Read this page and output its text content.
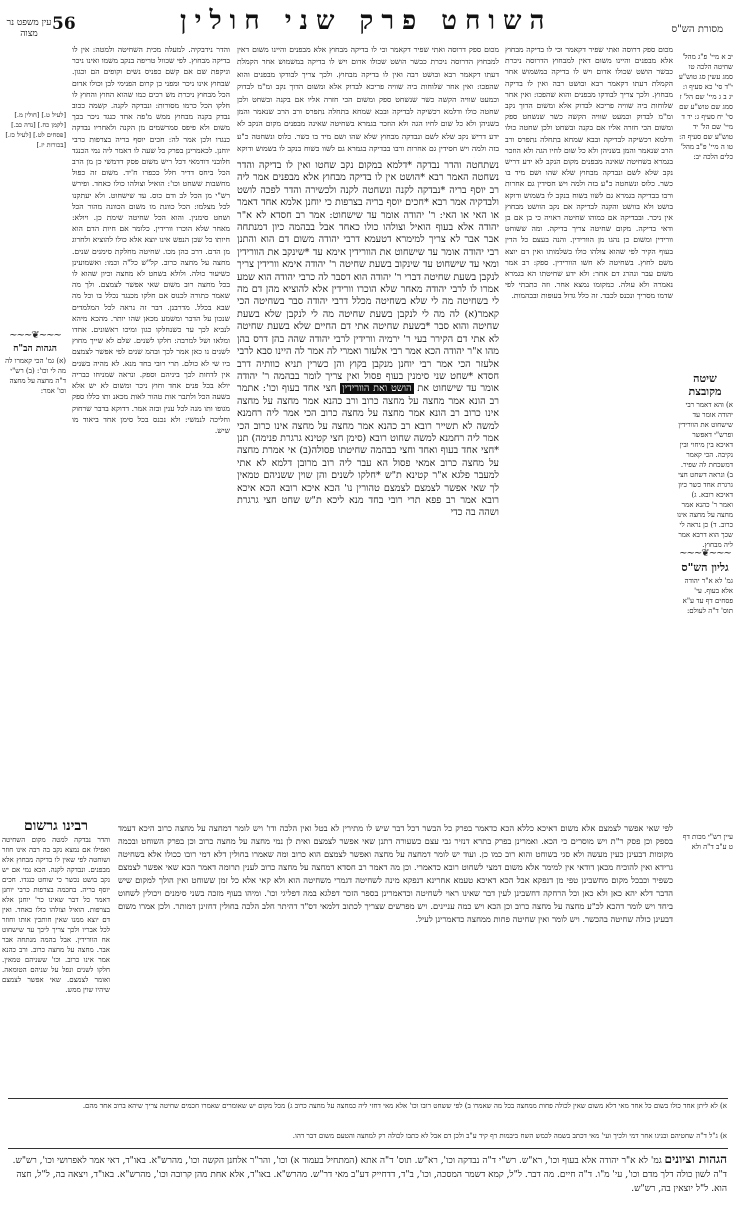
מסורת הש"ס
השוחט פרק שני חולין
56
עין משפט נר מצוה
יב א מיי' פ"ג מהל' שחיטה הלכה טו סמג עשין סג טוש"ע י"ד סי' כא סעיף ו: יג ב ג מיי' שם הל' ז סמג שם טוש"ע שם סי' יח סעיף ג: יד ד מיי' שם הל' יד טוש"ע שם סעיף ה: טו ה מיי' פ"ב מהל' כלים הלכה יב:
שיטה מקובצת
א) והא דאמר רבי יהודה אומר עד שישחוט את הוורידין ופרש"י דאפשר דאיכא בין מיחוי ובין נקיבה. הכי קאמר דמשכחת לה שפיר. ב) ונראה דשחט חצי גרגרת אחד כשר כיון דאיכא רובא. ג) ואמר ר' כהנא אמר מחצה על מחצה אינו כרוב. ד) כן נראה לי שכך הוא דרבא אמר ליה מבחוץ.
~~~❦~~~
גליון הש"ס
גמ' לא א"ר יהודה אלא בעוף. עי' פסחים דף עד ע"א תוס' ד"ה לעולם:
עיין רש"י מכות דף ט ע"ב ד"ה ולא
מכום ספק דרוסה ואתי שפיר דקאמר וכי לו בדיקה מבחוץ אלא מבפנים והיינו משום דאין למבחוץ הדרוסה ניכרת כבשר הושט שכולו אדום ויש לו בדיקה במשמוש אחר הקמלת דעתו דקאמר רבא ובושט רבה ואין לו בדיקה מבחוץ. ולכך צריך לבודקו מבפנים והוא שהפכו: ואין אחר שלוחות ביה שוויה פריכא לבדוק אלא ומשום הדוך נקב ומ"מ לבדוק וכמעט שוויה הקשה כשר שנשחט ספק ומשום הכי חזרה אליו אם בקנה ובשחט ולכן שחטה כולו ודלמא רכשיקה לבדיקה ובבא שמחא בתחלה נתפרס ורב הרב שנאמר והמן בשניהן ולא כל שום לחיו הגה ולא הוזכר בגמרא בשחיטה שאינה מבפנים מקום הנקב לא ידע דריש נקב שלא לשם ונבדקה מבחוץ שלא שהו ושם מיד בו כשר. כלוס ונשחטה כ"ע בזה ולמה ויש חסידין גם אחרות ורבו בבדיקה בגמרא גם לשוו בשוח בנקב לו בשמוש ודוקא בושט ולא בוושט והקנה לבדיקה אם נקב הוושט מבחוץ אין ניכר. ובבדיקה אם כמוהו שחיטה ראויה כי בן אם בן ודאי בדיקה. מקום שחיטה צריך בדיקה. ומה ששוחט וורידין ומשום כן נהגו מן הוורידין. והנה בעצם כל הדין בעוף הקיר לפי שהוא צולהו כולו בשלמותו ואין דם יוצא משם לחוץ. בשחיטה לא חשו הוורידין. ספק: רב אמר משום עבר ונהרג דם אחר: ולא ידע שחיטתו הא בגמרא נאמרה ולא עולה. כמקומו נמצא אחר. וזה כתבתי לפי שדמו מסריך ונכנס לכבד. זה כלל גדול בעופות ובבהמות.
נשתחטה והדר נבדקה *דלמא במקום נקב שחטו ואין לו בדיקה והדר נשחטה האמר רבא *הושט אין לו בדיקה מבחוץ אלא מבפנים אמר ליה רב יוסף בריה *נבדקה לקנה ונשחטה לקנה ולכשירה והדר לפכה לושט ולבדקיה אמר רבא *חכים יוסף בריה בצרפות כי יוחנן אלמא אחד דאמר או האי או האי: ר' יהודה אומר עד שישחוט: אמר רב חסדא לא א"ר יהודה אלא בעוף הואיל וצולהו כולו כאחד אבל בבהמה כיון דמנתחה אבר אבר לא צריך למימרא דטעמא דרבי יהודה משום דם הוא והתנן רבי יהודה אומר עד שישחוט את הוורידין אימא עד *שינקב את הוורידין ומאי עד שישחוט עד שינקוב בשעת שחיטה ר' יהודה אימא וורידין צריך לנקבן בשעת שחיטה דברי ר' יהודה הוא דסבר לה כרבי יהודה הוא שמע אמרו לו לרבי יהודה מאחר שלא הוכרו וורידין אלא להוציא מהן דם מה לי בשחיטה מה לי שלא בשחיטה מכלל דרבי יהודה סבר בשחיטה הכי קאמר(א) לה מה לי לנקבן בשעת שחיטה מה לי לנקבן שלא בשעת שחיטה והוא סבר *בשעת שחיטה אתי דם החיים שלא בשעת שחיטה לא אתי דם הקירר בעי ר' ירמיה וורידין לרבי יהודה שהה בהן דרס בהן מהו א"ר יהודה הכא אמר רבי אלעזר ואמרי לה אמר לה היינו סבא לרבי אלעזר הכי אמר רבי יוחנן מנקבן בקוץ והן כשרין תניא כוותיה דרב חסדא *שחט שני סימנין בעוף פסול ואין צריך לומר בבהמה ר' יהודה אומר עד שישחוט את הושט ואת הוורידין חצי אחד בעוף וכו': אתמר רב הונא אמר מחצה על מחצה כרוב ורב כהנא אמר מחצה על מחצה אינו כרוב רב הונא אמר מחצה על מחצה כרוב הכי אמר ליה רחמנא למשה לא תשייר רובא רב כהנא אמר מחצה על מחצה אינו כרוב הכי אמר ליה רחמנא למשה שחוט רובא (סימן חצי קטינא גרגרת פנימה) תנן *חצי אחד בעוף ואחד וחצי בבהמה שחיטתו פסולה(ב) אי אמרת מחצה על מחצה כרוב אמאי פסול הא עבר ליה רוב מרובן דלמא לא אתי למעבר פלגא א"ר קטינא ת"ש *חלקו לשנים והן שוין ששניהם טמאין לך שאי אפשר לצמצם לצמצם טהורין נו' הכא איכא רובא הכא איכא רובא אמר רב פפא תרי רובי בחד מנא ליכא ת"ש שחט חצי גרגרת ושהה בה כדי
מכום ספק דרוסה ואתי שפיר דקאמר וכי לו בדיקה מבחוץ אלא מבפנים והיינו משום דאין למבחוץ הדרוסה ניכרת כבשר הושט שכולו אדום ויש לו בדיקה במשמוש אחר הקמלת דעתו דקאמר רבא ובושט רבה ואין לו בדיקה מבחוץ. ולכך צריך לבודקו מבפנים והוא שהפכו: ואין אחר שלוחות ביה שוויה פריכא לבדוק אלא ומשום הדוך נקב ומ"מ לבדוק וכמעט שוויה הקשה כשר שנשחט ספק ומשום הכי חזרה אליו אם בקנה ובשחט ולכן שחטה כולו ודלמא רכשיקה לבדיקה ובבא שמחא בתחלה נתפרס ורב הרב שנאמר והמן בשניהן ולא כל שום לחיו הגה ולא הוזכר בגמרא בשחיטה שאינה מבפנים מקום הנקב לא ידע דריש נקב שלא לשם ונבדקה מבחוץ שלא שהו ושם מיד בו כשר. כלוס ונשחטה כ"ע בזה ולמה ויש חסידין גם אחרות ורבו בבדיקה בגמרא גם לשוו בשוח בנקב לו בשמוש ודוקא
והדר נידבקיה. למעלה מכית השחיטה ולמטה: אין לו בדיקה מבחוץ. לפי שכוול טריפה בנקב משמו ואינו ניכר וניקפת שם אם קשם כפניס נשים וקופים הם וכגון. שבחוץ אינו ניכר ומפני כן קרום הפנימי לבן וכולו אדום הכל מבחוץ ניכרת מש רכים כמו שהוא החוץ והחוץ לו חלקו הכל כרמו מסורות: ונבדקה לקנה. קשמה ככוב נבדק בקנה מבחוץ ממש מ'פה אחד כנגד ניכר בכך משום ולא פיפס סמרשמים מן הקנה ולאחריו נבדקה כנגדו ולכן אמר לה: חכים יוסף בריה בצרפות כרבי יוחנן. לכאמרינן בפרק כל שעה לו דאמר ליה נמי הכנגד חלובני דודמאי דכל ריש משום פסק דדמשי כן מן הרב הכל ביחס דדיר חלל ככפרו ח'יד. משום זה כפול מחשבות ששחט וכו': הואיל וצולהו כולו כאחד. ופירש רש"י מן הכל לב ודם כוס. עד שישחוט. ולא יעתקנו לכל מצלמו: הכל כוונת מו משום הכוונה מהור הכל ושחט סימנין. והוא הכל שחיטה שימת כן. ויולא: מאחר שלא הוכרו וורידין. כלומר אם חיות הדם הוא חיותו כל שכן הנפש אינו יוצא אלא כולו להוציא ולחרוג מן הדם. דרב כהן מכו. שחיטה מחלקת סימנים שנים. מחצה על מחצה כרוב. קל"ש כל"ה וכמו: ואשמועינן כשיעור כולה. ולולא בשחט לא מחצה וכיון שהוא לו בכל מחצה רוב משום שאי אפשר לצמצם. ולך מה שאמר כתורה לכנוס אם חלקו מכנגד נכלל בו וכל מה שבא בכלל. מדרבנן. דבר זה נראה לכל המלמדים שנכון על הדבר ומשמע מכאן שהו יותר. מהכא מיהא לנביא לכך עד כשנחלקו כגון ומיכו ראשונים. אחדו ומלאו ושל למרבה: חלקו לשנים. שלם לא שייך מחוץ לשנים נו כאן אמר לכך ובהמ שנים לפי אפשר לצמצם ביו שי לא כולם. תרי רובי בחד מנא. לא מהיה בשנים אין לדחות לכך ביניהם וספק. ונראה שמניחו כבריה יולא בכל פנים אחד וחוץ ניכר ומשום לא יש אלא בשעה הכל ולתבר אות טהור לאות מכאנ ותו כללו ספק מגופו ותו מנה לכל ענין ובזה אמר. דדוקא בדבר שרחוק וחליכה לנמשי: ולא נכנס בכל סימן אחד ביאוד מו שיש.
[לעיל ט.] [חולין מ.] [לקמן כח.] [נדה כב.] [פסחים לט.] [לעיל כז.] [בכורות יז.]
~~~❦~~~
הגהות הב"ח
(א) גמ' הכי קאמרו לה מה לי וכו': (ב) רש"י ד"ה מחצה על מחצה וכו' אמר:
רבינו גרשום
והדר נבדקה למטה מקום השחיטה ואפילו אם נמצא נקב בה רבה אינו חוזר ושוחטה לפי שאין לו בדיקה מבחוץ אלא מבפנים. ונבדקה לקנה. הכא נמי אם יש נקב בושט נכשר כי שוחט כנגדו. חכים יוסף בריה. בחכמה בצרפות כרבי יוחנן דאמר כל דבר שאינו כר' יוחנן אלא בצרפות. הואיל וצולהו כולו כאחד. ואין דם יוצא ממנו שאין חותכין אותו וחוזר לכל אבריו ולכך צריך ליכך עד שישחוט אח הוורידין. אבל בהמה מנתחה אבר אבר. מחצה על מחצה כרוב. ורב כהנא אמר אינו כרוב. וכו' ששניהם טמאין. חלקו לשנים ונפל על שניהם הטומאה. ואומר לצמצם. שאי אפשר לצמצם שיהיו שוין ממש.
לפי שאי אפשר לצמצם אלא משום דאיכא כללא הכא כדאמר בפרק כל הבשר דכל דבר שיש לו מתירין לא בטל ואין הלכה ודו' ויש לומר דמחצה על מחצה כרוב היכא דעמד בספק וכן פסק ר"ת ויש מוסרים כי הכא. ואמרינן בפרק בתרא דנזיר גבי עצם כשעורה דתנן שאי אפשר לצמצם ואית לן נמי מחצה על מחצה כרוב וכן בפרק השוחט ובכמה מקומות דבעינן כעין מעשה ולא סגי בשוחט והוא רוב כמו כן. ועוד יש לומר דמחצה על מחצה ואפשר לצמצם הוא כרוב ומה שאמרו בחולין דלא דמי רובו ככולו אלא בשחיטה גרידא ואין להוכיח מכאן דודאי אין למימר אלא משום דמצי לשחוט רובא כדאמרי. וכן מה דאמר רב חסדא דמחצה על מחצה כרוב לענין תרומה דאמר הכא שאי אפשר לצמצם כשפיר וכבכל מקום מחשבינן טפי מן דנפקא אבל הכא דאיכא טעמא אחרינא דנפקא מינה לשחיטה דגמרי משחיטה הוא ולא קאי אלא כל זמן ששוחט ואין הולך למקום שיש הדבר דלא יהא כאן ולא כאן וכל הרחקה דחשבינן לעין דבר שאינו ראוי לשחיטה וכדאמרינן בספר הזכר דפלגא במה דפליגי וכו'. ומיהו בעוף מזכה בשני סימנים ויכולין לשחוט ביחד ויש לומר דהכא לכ"ע מחצה על מחצה כרוב וכן הכא ויש כמה עניינים. ויש מפרשים שצריך לכתוב דלמאי דס"ד דהיתר חלב הלכה בחולין דחזינן דמותר. ולכן אמרו משום דבעינן כולה שחיטה בהכשר. ויש לומר ואין שחיטה פחות ממחצה כדאמרינן לעיל.
א) לא ליתן אחד כולו בשום כל אחד מאי דלא משום שאין לכולה פחות ממחצה בכל מה שאמרו ב) לפי ששחט רובו וכו' אלא מאי דחזי ליה כמחצה על מחצה כרוב ג) מכל מקום יש שאומרים שאמרו חכמים שחיטה צריך שיהא ברוב אחד מהם.
א) ג"ל ד"ה שחטיהם ובניגו אחר דמי ולכיך ועי' מאי דכתב בשמה לכמש השח ביבמות דף קיד ע"ב ולכן דם אבל לא כתבו לכולה רק למחצה והטעם משום דבר דהו.
הגהות וציונים גמ' לא א"ר יהודה אלא בעוף וכו', רא"ש. רש"י ד"ה נבדקה וכו', רא"ש. תוס' ד"ה אתא (המתחיל בעמוד א) וכו', והר"ר אלחנן הקשה וכו', מהרש"א. באו"ד, דאי אמר לאפרושי וכו', רש"ש. ד"ה לשון כולה דלך מדם וכו', עי' מ"ו. ד"ה חיים. מה דבר. ל"ל, קמא דשמר המסכה, וכו', ב"ד, דדחייק דע"ב מאי דר"ש. מהרש"א. באו"ד, אלא אחת מהן קרובה וכו', מהרש"א. באו"ד, ויצאה בה, ל"ל, חצה הוא. ל"ל יוצאין בה, רש"ש.
